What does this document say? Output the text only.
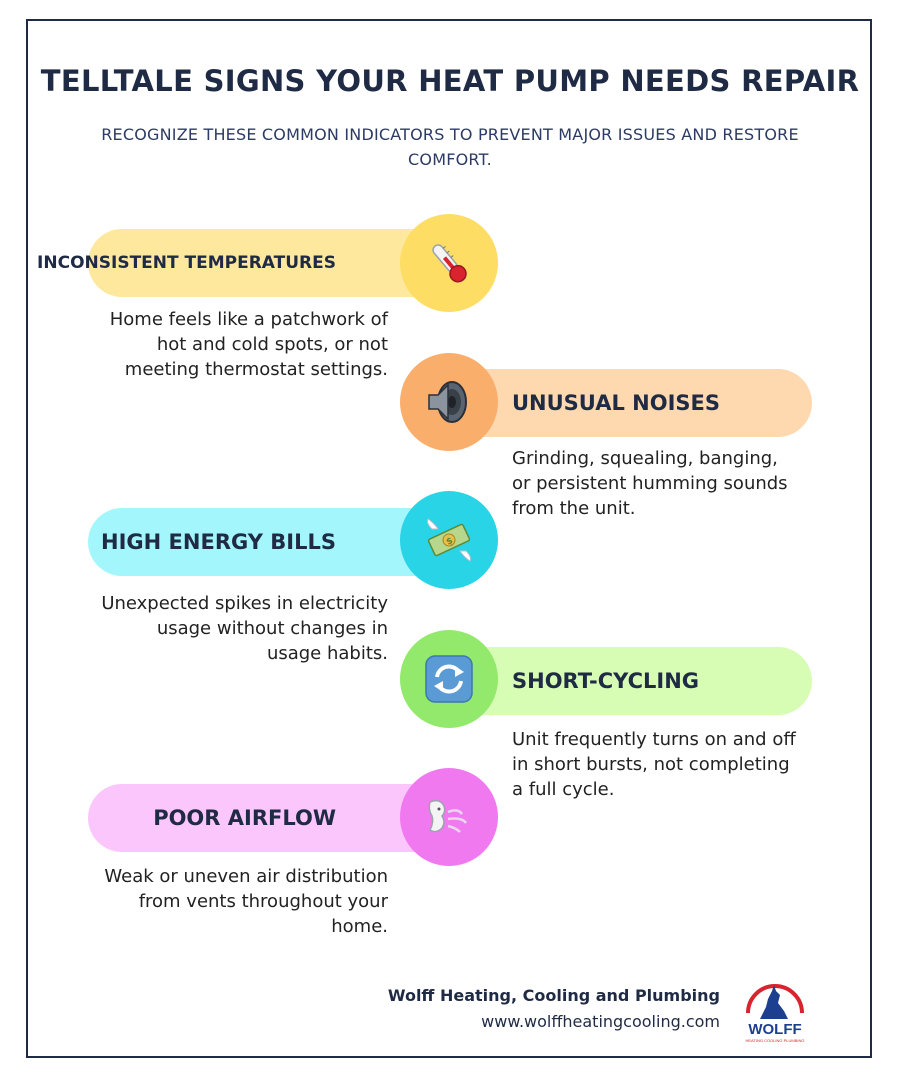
TELLTALE SIGNS YOUR HEAT PUMP NEEDS REPAIR
RECOGNIZE THESE COMMON INDICATORS TO PREVENT MAJOR ISSUES AND RESTORE COMFORT.
INCONSISTENT TEMPERATURES
Home feels like a patchwork of hot and cold spots, or not meeting thermostat settings.
UNUSUAL NOISES
Grinding, squealing, banging, or persistent humming sounds from the unit.
HIGH ENERGY BILLS	$
Unexpected spikes in electricity usage without changes in usage habits.
SHORT-CYCLING
Unit frequently turns on and off in short bursts, not completing a full cycle.
POOR AIRFLOW
Weak or uneven air distribution from vents throughout your home.
Wolff Heating, Cooling and Plumbing
www.wolffheatingcooling.com WOLFF
HEATING COOLING PLUMBING
